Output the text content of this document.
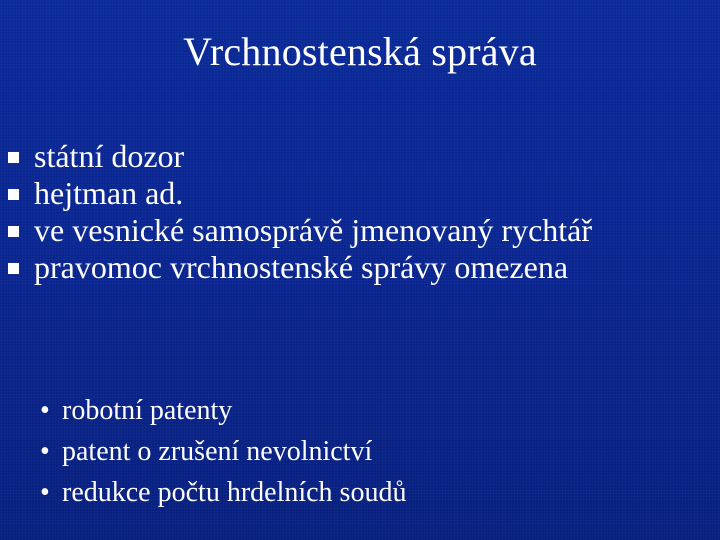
Vrchnostenská správa
státní dozor
hejtman ad.
ve vesnické samosprávě jmenovaný rychtář
pravomoc vrchnostenské správy omezena
• robotní patenty
• patent o zrušení nevolnictví
• redukce počtu hrdelních soudů
